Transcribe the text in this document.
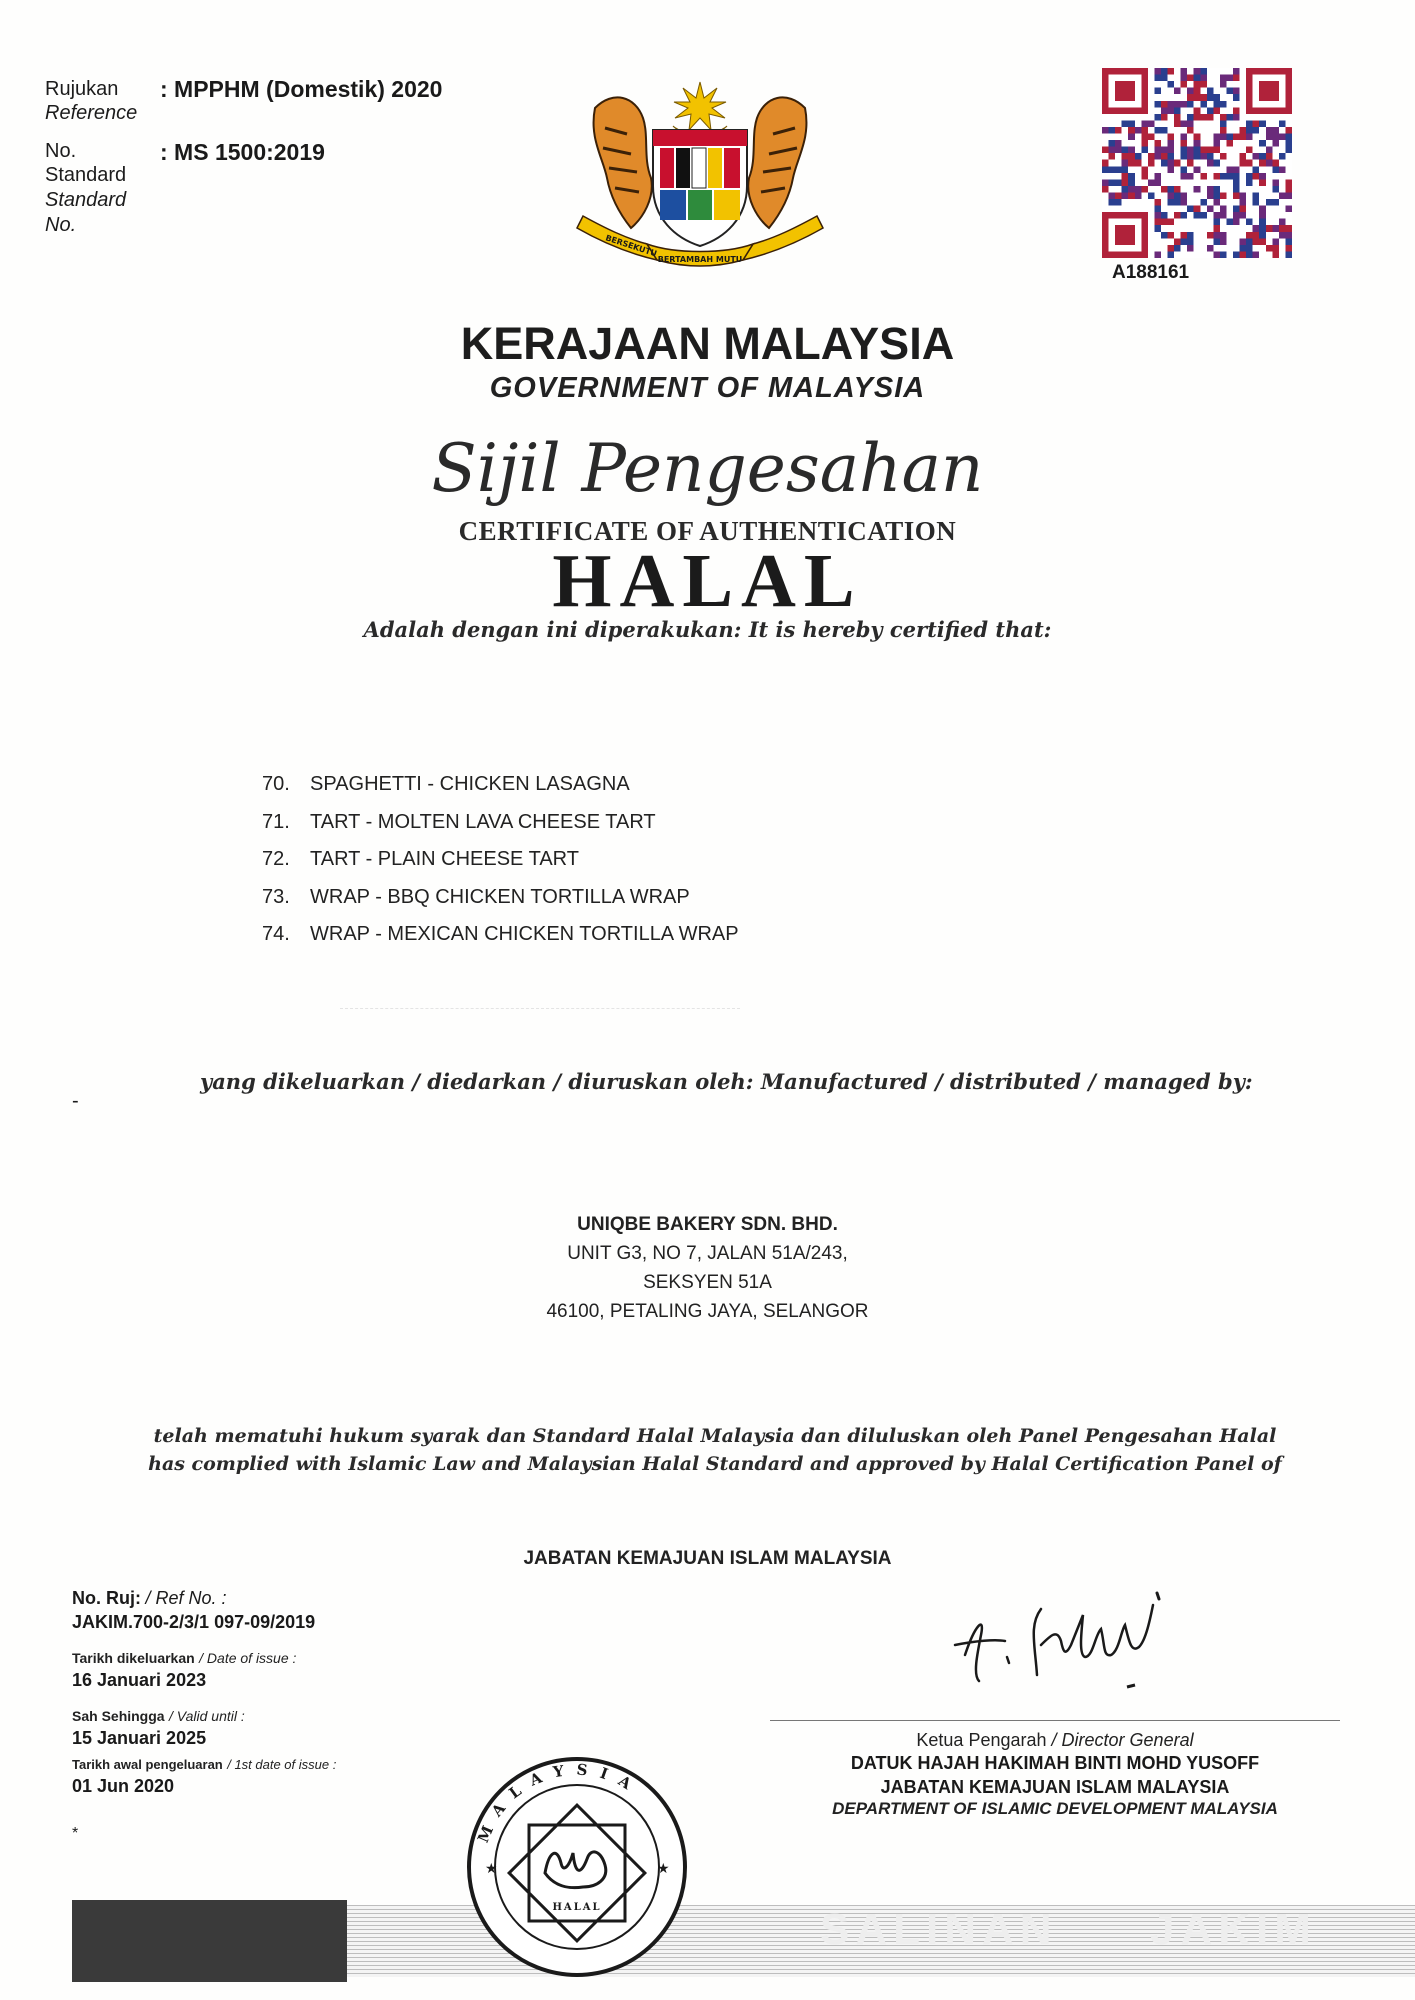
Rujukan
Reference
: MPPHM (Domestik) 2020
No.
Standard
Standard
No.
: MS 1500:2019
BERSEKUTU
BERTAMBAH MUTU
A188161
KERAJAAN MALAYSIA
GOVERNMENT OF MALAYSIA
Sijil Pengesahan
CERTIFICATE OF AUTHENTICATION
HALAL
Adalah dengan ini diperakukan: It is hereby certified that:
70. SPAGHETTI - CHICKEN LASAGNA
71. TART - MOLTEN LAVA CHEESE TART
72. TART - PLAIN CHEESE TART
73. WRAP - BBQ CHICKEN TORTILLA WRAP
74. WRAP - MEXICAN CHICKEN TORTILLA WRAP
-
yang dikeluarkan / diedarkan / diuruskan oleh: Manufactured / distributed / managed by:
UNIQBE BAKERY SDN. BHD.
UNIT G3, NO 7, JALAN 51A/243,
SEKSYEN 51A
46100, PETALING JAYA, SELANGOR
telah mematuhi hukum syarak dan Standard Halal Malaysia dan diluluskan oleh Panel Pengesahan Halal
has complied with Islamic Law and Malaysian Halal Standard and approved by Halal Certification Panel of
JABATAN KEMAJUAN ISLAM MALAYSIA
No. Ruj: / Ref No. :
JAKIM.700-2/3/1 097-09/2019
Tarikh dikeluarkan / Date of issue :
16 Januari 2023
Sah Sehingga / Valid until :
15 Januari 2025
Tarikh awal pengeluaran / 1st date of issue :
01 Jun 2020
*
Ketua Pengarah / Director General
DATUK HAJAH HAKIMAH BINTI MOHD YUSOFF
JABATAN KEMAJUAN ISLAM MALAYSIA
DEPARTMENT OF ISLAMIC DEVELOPMENT MALAYSIA
SALINAN JAKIM
MALAYSIA
★	★
HALAL
